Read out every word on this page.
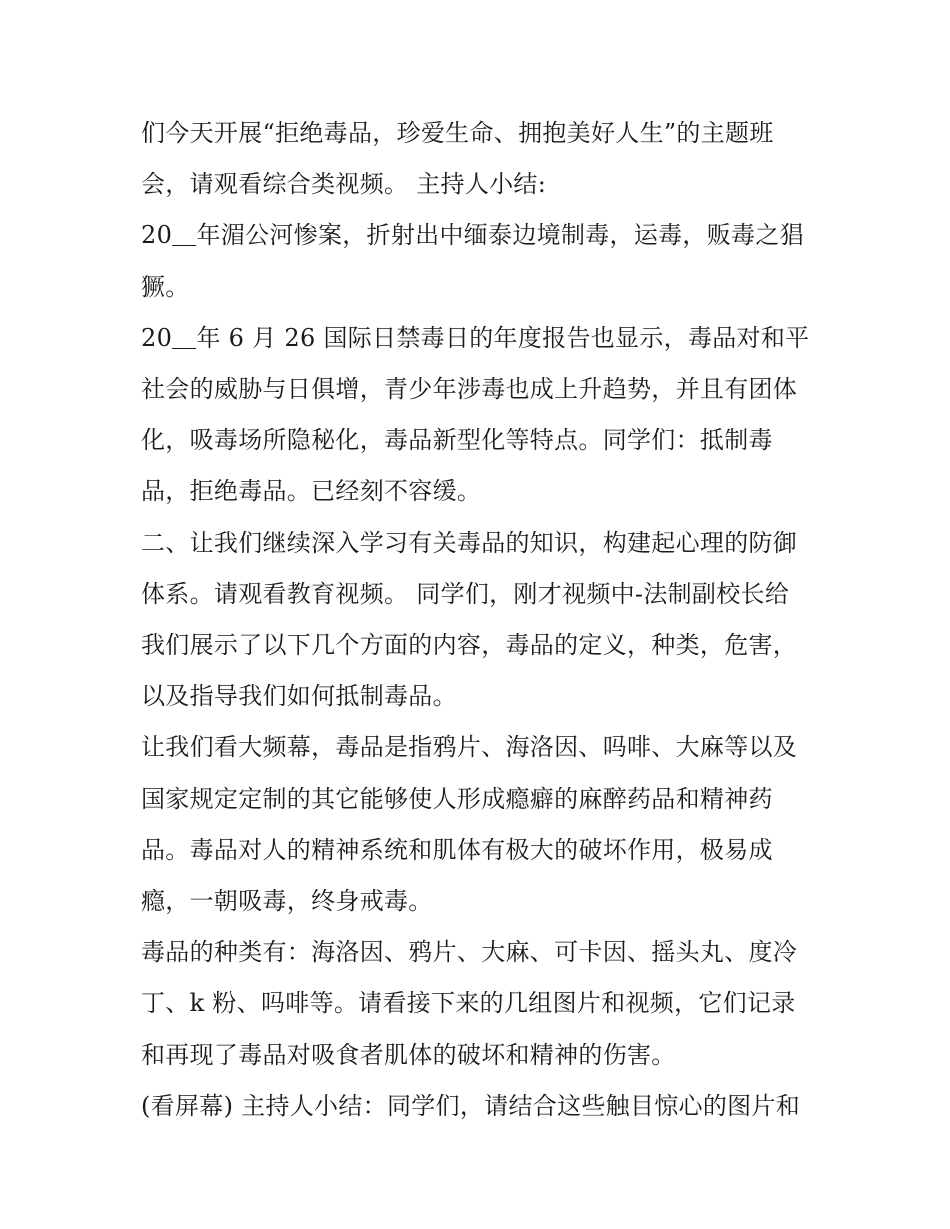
们今天开展“拒绝毒品，珍爱生命、拥抱美好人生”的主题班会，请观看综合类视频。 主持人小结:

20＿年湄公河惨案，折射出中缅泰边境制毒，运毒，贩毒之猖獗。

20＿年 6 月 26 国际日禁毒日的年度报告也显示，毒品对和平社会的威胁与日俱增，青少年涉毒也成上升趋势，并且有团体化，吸毒场所隐秘化，毒品新型化等特点。同学们：抵制毒品，拒绝毒品。已经刻不容缓。

二、让我们继续深入学习有关毒品的知识，构建起心理的防御体系。请观看教育视频。 同学们，刚才视频中-法制副校长给我们展示了以下几个方面的内容，毒品的定义，种类，危害，以及指导我们如何抵制毒品。

让我们看大频幕，毒品是指鸦片、海洛因、吗啡、大麻等以及国家规定定制的其它能够使人形成瘾癖的麻醉药品和精神药品。毒品对人的精神系统和肌体有极大的破坏作用，极易成瘾，一朝吸毒，终身戒毒。

毒品的种类有：海洛因、鸦片、大麻、可卡因、摇头丸、度冷丁、k 粉、吗啡等。请看接下来的几组图片和视频，它们记录和再现了毒品对吸食者肌体的破坏和精神的伤害。

(看屏幕) 主持人小结：同学们，请结合这些触目惊心的图片和
